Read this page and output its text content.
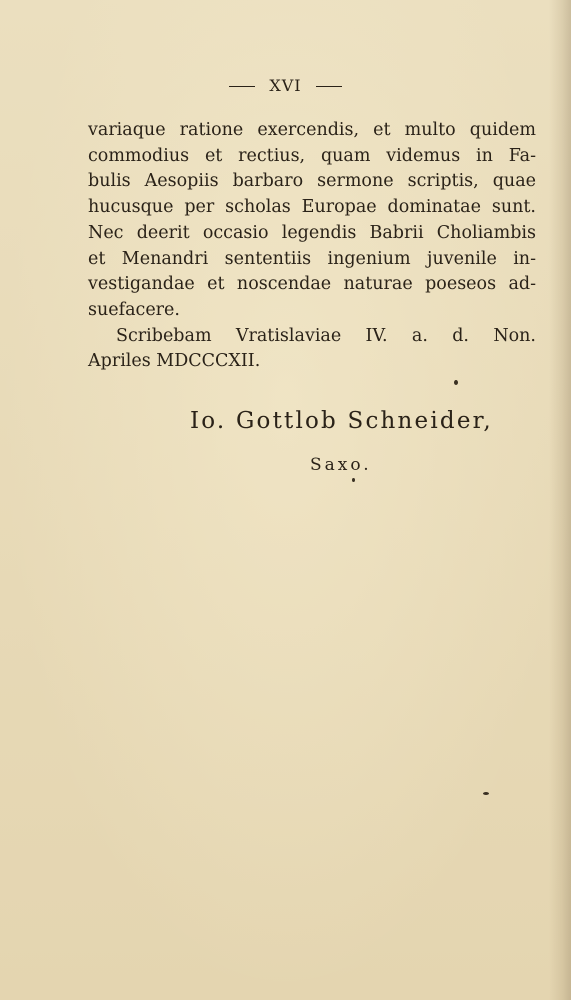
XVI
variaque ratione exercendis, et multo quidem
commodius et rectius, quam videmus in Fa-
bulis Aesopiis barbaro sermone scriptis, quae
hucusque per scholas Europae dominatae sunt.
Nec deerit occasio legendis Babrii Choliambis
et Menandri sententiis ingenium juvenile in-
vestigandae et noscendae naturae poeseos ad-
suefacere.
Scribebam Vratislaviae IV. a. d. Non.
Apriles MDCCCXII.
Io. Gottlob Schneider,
Saxo.
